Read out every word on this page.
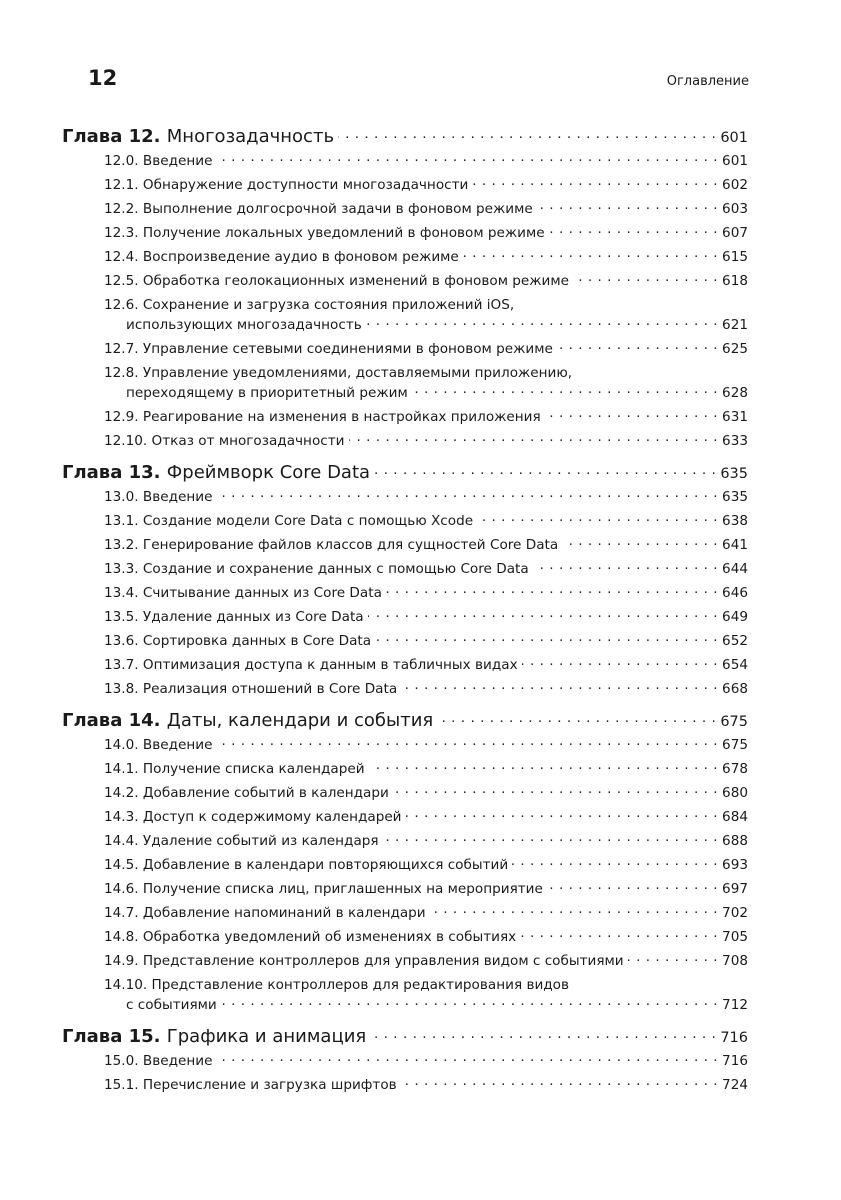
12	Оглавление
Глава 12. Многозадачность . . .	601
12.0. Введение . . .	601
12.1. Обнаружение доступности многозадачности . . .	602
12.2. Выполнение долгосрочной задачи в фоновом режиме . . .	603
12.3. Получение локальных уведомлений в фоновом режиме . . .	607
12.4. Воспроизведение аудио в фоновом режиме . . .	615
12.5. Обработка геолокационных изменений в фоновом режиме . . .	618
12.6. Сохранение и загрузка состояния приложений iOS,
использующих многозадачность . . .	621
12.7. Управление сетевыми соединениями в фоновом режиме . . .	625
12.8. Управление уведомлениями, доставляемыми приложению,
переходящему в приоритетный режим . . .	628
12.9. Реагирование на изменения в настройках приложения . . .	631
12.10. Отказ от многозадачности . . .	633
Глава 13. Фреймворк Core Data . . .	635
13.0. Введение . . .	635
13.1. Создание модели Core Data с помощью Xcode . . .	638
13.2. Генерирование файлов классов для сущностей Core Data . . .	641
13.3. Создание и сохранение данных с помощью Core Data . . .	644
13.4. Считывание данных из Core Data . . .	646
13.5. Удаление данных из Core Data . . .	649
13.6. Сортировка данных в Core Data . . .	652
13.7. Оптимизация доступа к данным в табличных видах . . .	654
13.8. Реализация отношений в Core Data . . .	668
Глава 14. Даты, календари и события . . .	675
14.0. Введение . . .	675
14.1. Получение списка календарей . . .	678
14.2. Добавление событий в календари . . .	680
14.3. Доступ к содержимому календарей . . .	684
14.4. Удаление событий из календаря . . .	688
14.5. Добавление в календари повторяющихся событий . . .	693
14.6. Получение списка лиц, приглашенных на мероприятие . . .	697
14.7. Добавление напоминаний в календари . . .	702
14.8. Обработка уведомлений об изменениях в событиях . . .	705
14.9. Представление контроллеров для управления видом с событиями . . .	708
14.10. Представление контроллеров для редактирования видов
с событиями . . .	712
Глава 15. Графика и анимация . . .	716
15.0. Введение . . .	716
15.1. Перечисление и загрузка шрифтов . . .	724
